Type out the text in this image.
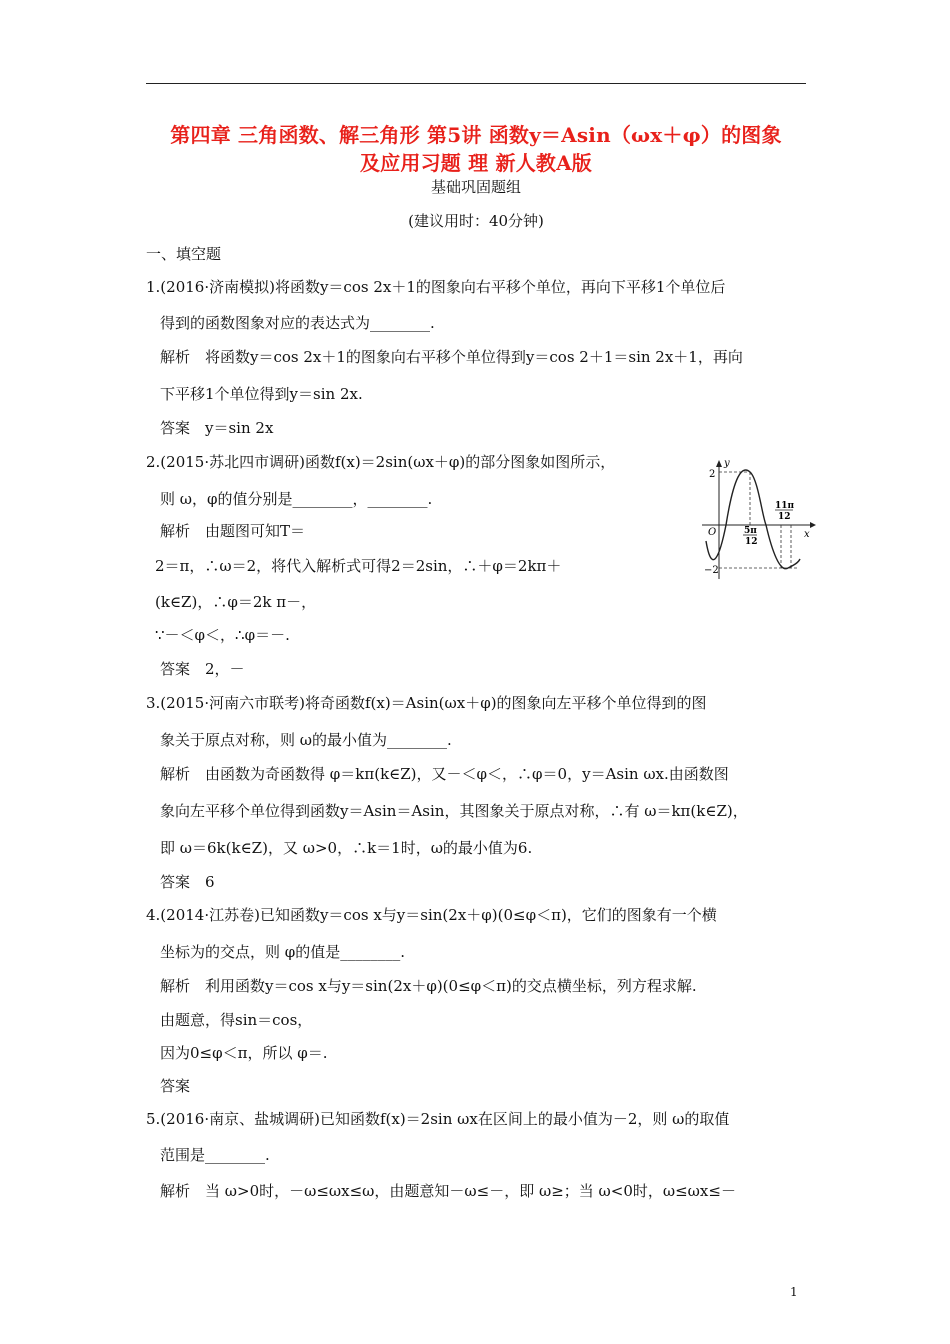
第四章 三角函数、解三角形 第5讲 函数y＝Asin（ωx＋φ）的图象
及应用习题 理 新人教A版
基础巩固题组
(建议用时：40分钟)
一、填空题
1.(2016·济南模拟)将函数y＝cos 2x＋1的图象向右平移个单位，再向下平移1个单位后
得到的函数图象对应的表达式为________.
解析　将函数y＝cos 2x＋1的图象向右平移个单位得到y＝cos 2＋1＝sin 2x＋1，再向
下平移1个单位得到y＝sin 2x.
答案　y＝sin 2x
2.(2015·苏北四市调研)函数f(x)＝2sin(ωx＋φ)的部分图象如图所示，
则 ω，φ的值分别是________，________.
解析　由题图可知T＝
2＝π，∴ω＝2，将代入解析式可得2＝2sin，∴＋φ＝2kπ＋
(k∈Z)，∴φ＝2k π－，
∵－＜φ＜，∴φ＝－.
答案　2，－
3.(2015·河南六市联考)将奇函数f(x)＝Asin(ωx＋φ)的图象向左平移个单位得到的图
象关于原点对称，则 ω的最小值为________.
解析　由函数为奇函数得 φ＝kπ(k∈Z)，又－＜φ＜，∴φ＝0，y＝Asin ωx.由函数图
象向左平移个单位得到函数y＝Asin＝Asin，其图象关于原点对称，∴有 ω＝kπ(k∈Z)，
即 ω＝6k(k∈Z)，又 ω>0，∴k＝1时，ω的最小值为6.
答案　6
4.(2014·江苏卷)已知函数y＝cos x与y＝sin(2x＋φ)(0≤φ＜π)，它们的图象有一个横
坐标为的交点，则 φ的值是________.
解析　利用函数y＝cos x与y＝sin(2x＋φ)(0≤φ＜π)的交点横坐标，列方程求解.
由题意，得sin＝cos，
因为0≤φ＜π，所以 φ＝.
答案
5.(2016·南京、盐城调研)已知函数f(x)＝2sin ωx在区间上的最小值为－2，则 ω的取值
范围是________.
解析　当 ω>0时，－ω≤ωx≤ω，由题意知－ω≤－，即 ω≥；当 ω<0时，ω≤ωx≤－
y
x
O
2
−2
5π
12
11π
12
1
